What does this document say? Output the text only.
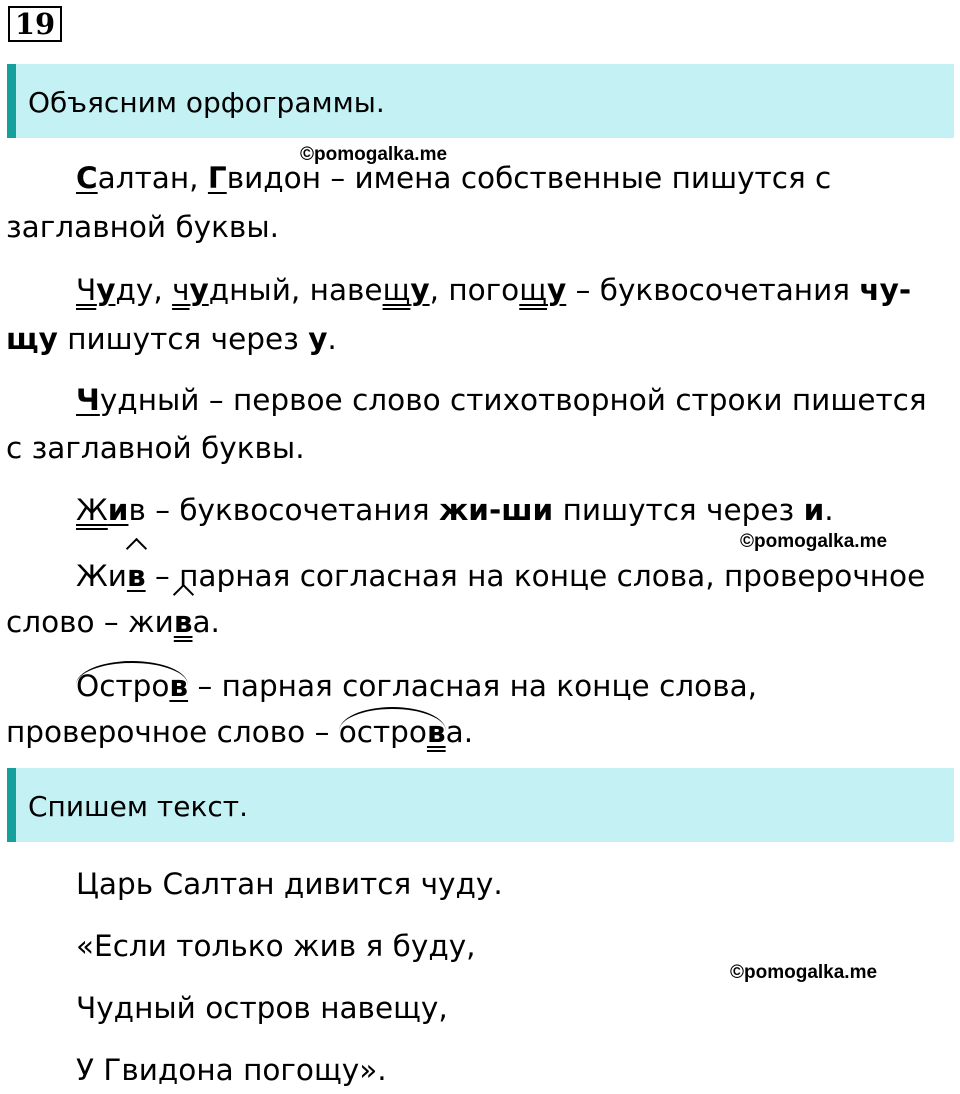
19
Объясним орфограммы.
©pomogalka.me
Салтан, Гвидон – имена собственные пишутся с
заглавной буквы.
Чуду, чудный, навещу, погощу – буквосочетания чу-
щу пишутся через у.
Чудный – первое слово стихотворной строки пишется
с заглавной буквы.
Жив – буквосочетания жи-ши пишутся через и.
©pomogalka.me
Жив – парная согласная на конце слова, проверочное
слово – жива.
Остров – парная согласная на конце слова,
проверочное слово – острова.
Спишем текст.
Царь Салтан дивится чуду.
«Если только жив я буду,
©pomogalka.me
Чудный остров навещу,
У Гвидона погощу».
